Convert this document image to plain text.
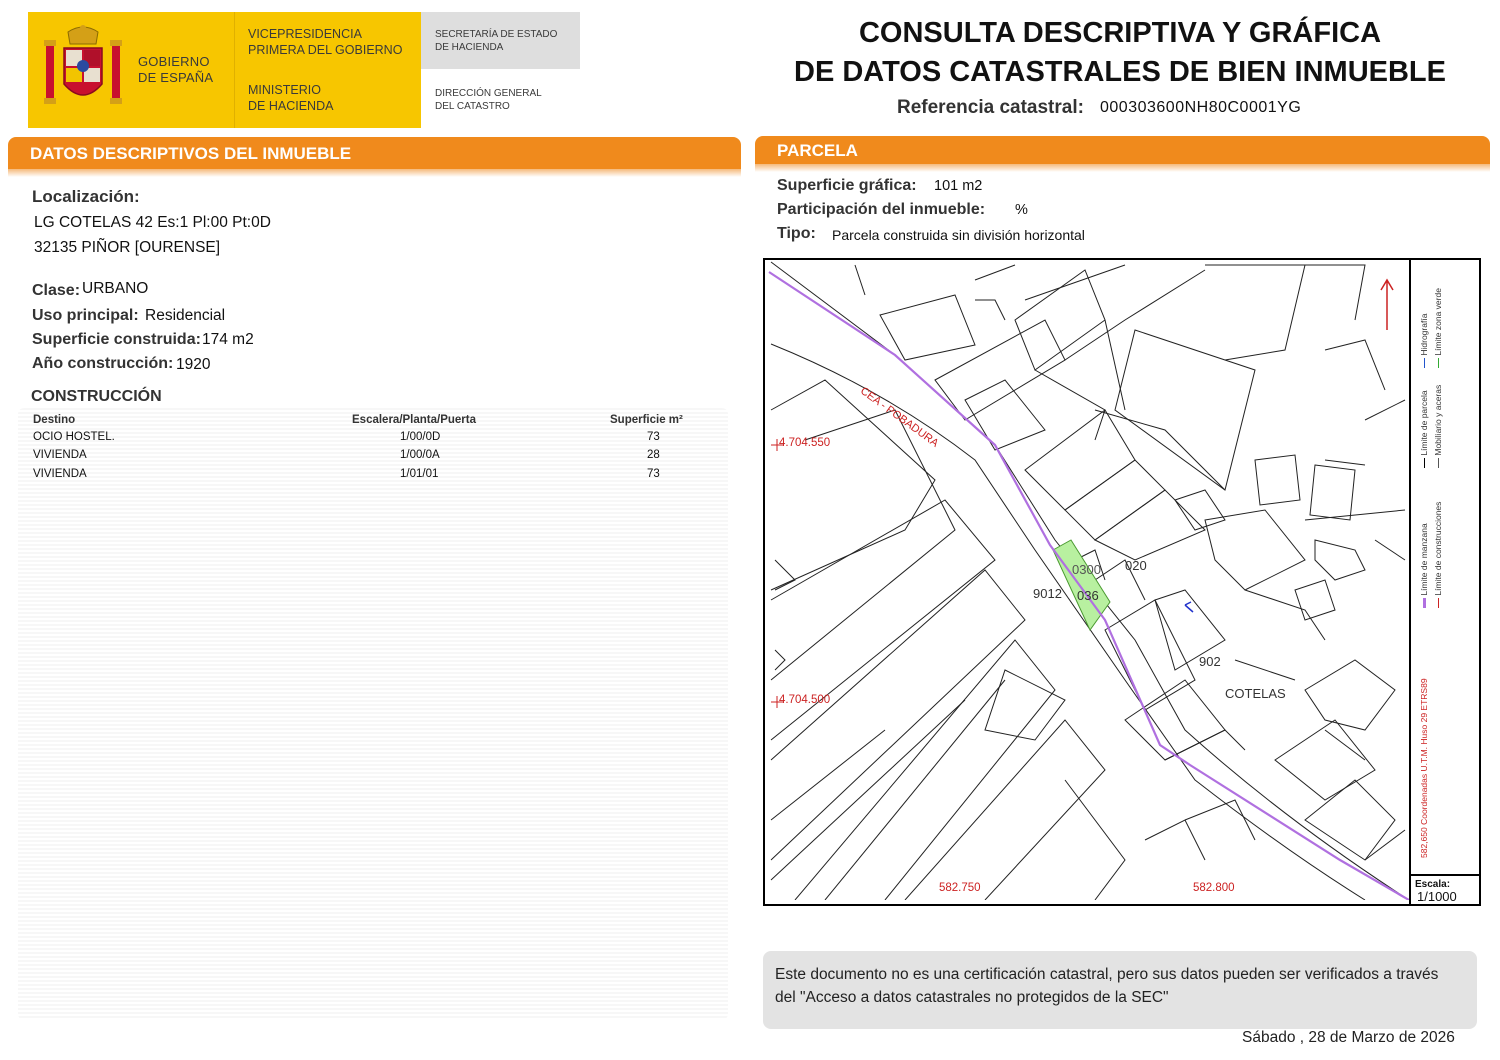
GOBIERNO
DE ESPAÑA
VICEPRESIDENCIA
PRIMERA DEL GOBIERNO
MINISTERIO
DE HACIENDA
SECRETARÍA DE ESTADO
DE HACIENDA
DIRECCIÓN GENERAL
DEL CATASTRO
CONSULTA DESCRIPTIVA Y GRÁFICA
DE DATOS CATASTRALES DE BIEN INMUEBLE
Referencia catastral: 000303600NH80C0001YG
DATOS DESCRIPTIVOS DEL INMUEBLE
Localización:
LG COTELAS 42 Es:1 Pl:00 Pt:0D
32135 PIÑOR [OURENSE]
Clase: URBANO
Uso principal: Residencial
Superficie construida: 174 m2
Año construcción: 1920
CONSTRUCCIÓN
Destino	Escalera/Planta/Puerta	Superficie m²
OCIO HOSTEL.	1/00/0D	73
VIVIENDA	1/00/0A	28
VIVIENDA	1/01/01	73
PARCELA
Superficie gráfica: 101 m2
Participación del inmueble: %
Tipo: Parcela construida sin división horizontal
CEA - POBADURA
4.704.550
4.704.500
582.750	582.800
9012
0300
036
020
902
COTELAS
Límite de manzana
Límite de parcela
Límite de construcciones
Mobiliario y aceras
Hidrografía Límite zona verde
582,650 Coordenadas U.T.M. Huso 29 ETRS89
Escala:
1/1000
Este documento no es una certificación catastral, pero sus datos pueden ser verificados a través del "Acceso a datos catastrales no protegidos de la SEC"
Sábado , 28 de Marzo de 2026
